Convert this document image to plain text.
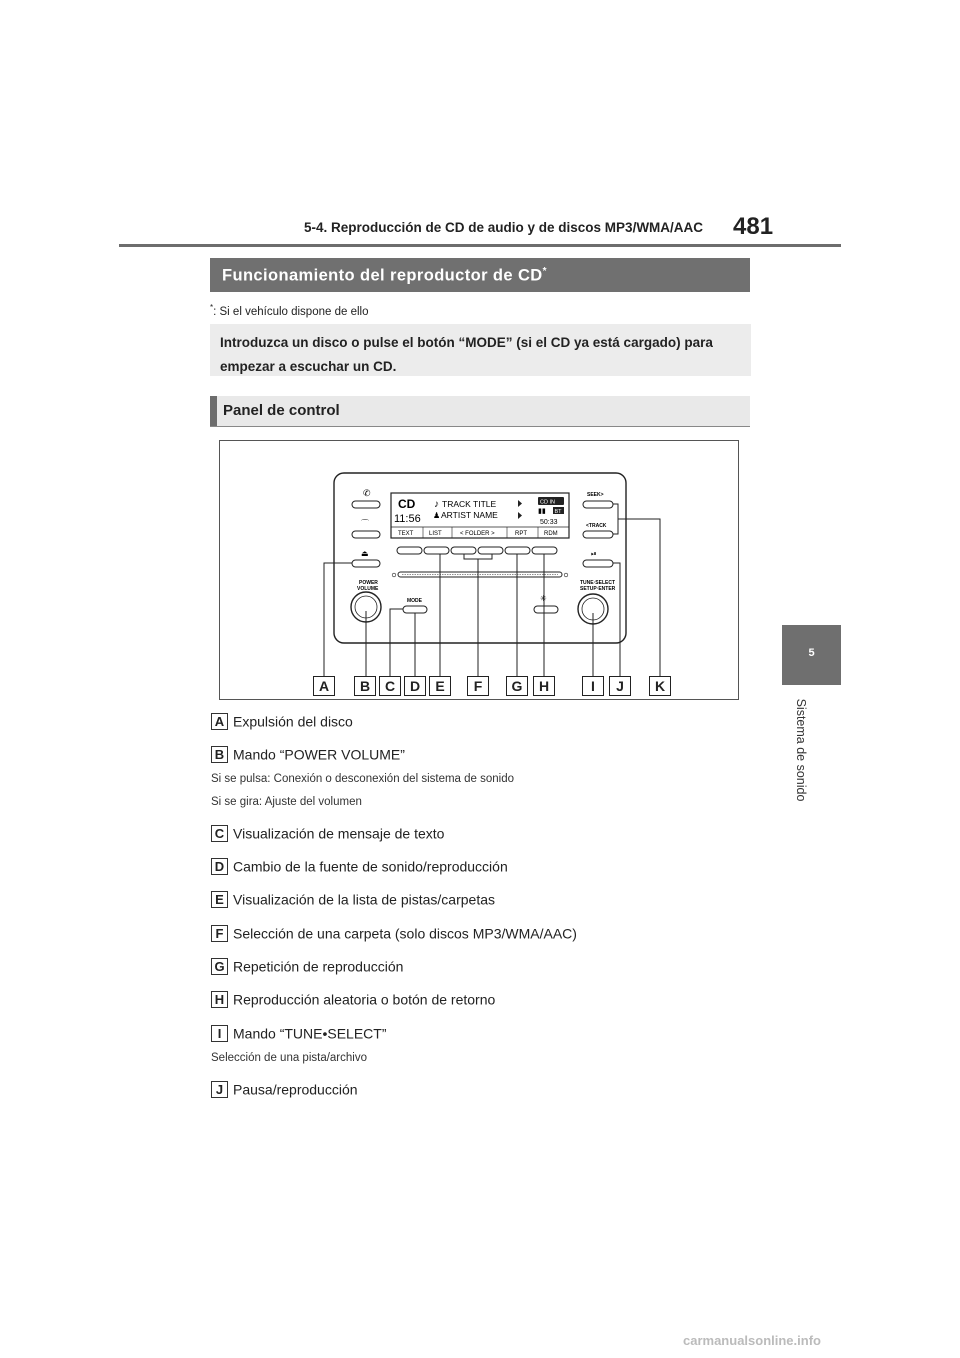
5-4. Reproducción de CD de audio y de discos MP3/WMA/AAC 481
5
Sistema de sonido
Funcionamiento del reproductor de CD*
*: Si el vehículo dispone de ello
Introduzca un disco o pulse el botón “MODE” (si el CD ya está cargado) para empezar a escuchar un CD.
Panel de control
CD
11:56
♪ TRACK TITLE
♟ ARTIST NAME
CD IN
▮▮ BT
50:33
TEXT	LIST	< FOLDER >	RPT	RDM
✆
⌒
⏏
POWER
VOLUME
MODE
SEEK>
<TRACK
⏯
TUNE·SELECT
SETUP·ENTER
✳
A	B	C	D	E	F	G	H	I	J	K
A Expulsión del disco
B Mando “POWER VOLUME”
Si se pulsa: Conexión o desconexión del sistema de sonido
Si se gira: Ajuste del volumen
C Visualización de mensaje de texto
D Cambio de la fuente de sonido/reproducción
E Visualización de la lista de pistas/carpetas
F Selección de una carpeta (solo discos MP3/WMA/AAC)
G Repetición de reproducción
H Reproducción aleatoria o botón de retorno
I Mando “TUNE•SELECT”
Selección de una pista/archivo
J Pausa/reproducción
carmanualsonline.info
